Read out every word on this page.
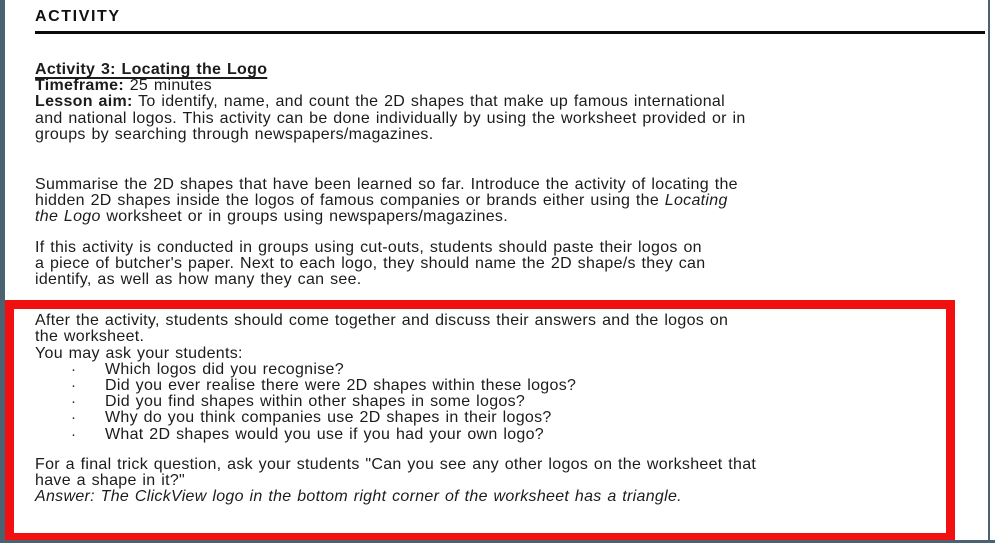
ACTIVITY
Activity 3: Locating the Logo
Timeframe: 25 minutes
Lesson aim: To identify, name, and count the 2D shapes that make up famous international
and national logos. This activity can be done individually by using the worksheet provided or in
groups by searching through newspapers/magazines.
Summarise the 2D shapes that have been learned so far. Introduce the activity of locating the
hidden 2D shapes inside the logos of famous companies or brands either using the Locating
the Logo worksheet or in groups using newspapers/magazines.
If this activity is conducted in groups using cut-outs, students should paste their logos on
a piece of butcher's paper. Next to each logo, they should name the 2D shape/s they can
identify, as well as how many they can see.
After the activity, students should come together and discuss their answers and the logos on
the worksheet.
You may ask your students:
·	Which logos did you recognise?
·	Did you ever realise there were 2D shapes within these logos?
·	Did you find shapes within other shapes in some logos?
·	Why do you think companies use 2D shapes in their logos?
·	What 2D shapes would you use if you had your own logo?
For a final trick question, ask your students "Can you see any other logos on the worksheet that
have a shape in it?"
Answer: The ClickView logo in the bottom right corner of the worksheet has a triangle.
